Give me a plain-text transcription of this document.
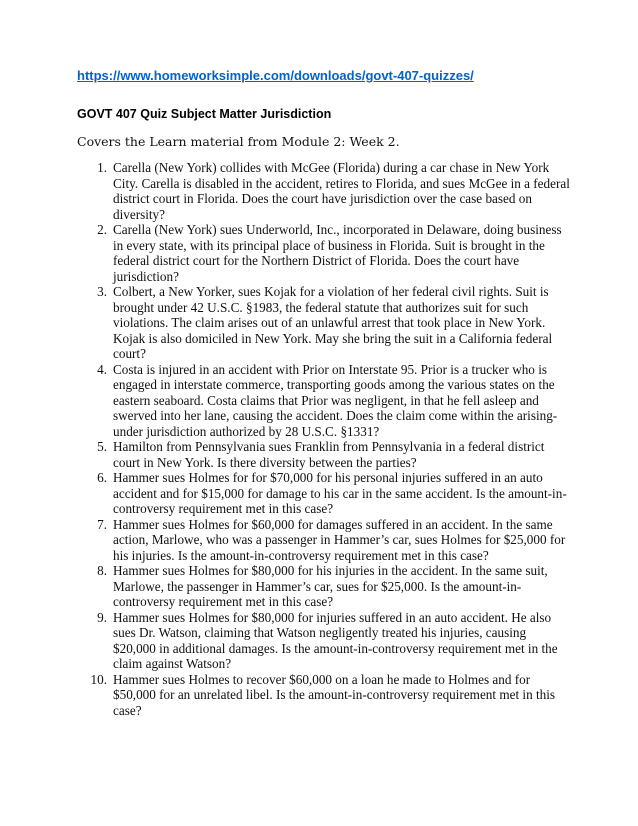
https://www.homeworksimple.com/downloads/govt-407-quizzes/
GOVT 407 Quiz Subject Matter Jurisdiction
Covers the Learn material from Module 2: Week 2.
1. Carella (New York) collides with McGee (Florida) during a car chase in New York City. Carella is disabled in the accident, retires to Florida, and sues McGee in a federal district court in Florida. Does the court have jurisdiction over the case based on diversity?
2. Carella (New York) sues Underworld, Inc., incorporated in Delaware, doing business in every state, with its principal place of business in Florida. Suit is brought in the federal district court for the Northern District of Florida. Does the court have jurisdiction?
3. Colbert, a New Yorker, sues Kojak for a violation of her federal civil rights. Suit is brought under 42 U.S.C. §1983, the federal statute that authorizes suit for such violations. The claim arises out of an unlawful arrest that took place in New York. Kojak is also domiciled in New York. May she bring the suit in a California federal court?
4. Costa is injured in an accident with Prior on Interstate 95. Prior is a trucker who is engaged in interstate commerce, transporting goods among the various states on the eastern seaboard. Costa claims that Prior was negligent, in that he fell asleep and swerved into her lane, causing the accident. Does the claim come within the arising-under jurisdiction authorized by 28 U.S.C. §1331?
5. Hamilton from Pennsylvania sues Franklin from Pennsylvania in a federal district court in New York. Is there diversity between the parties?
6. Hammer sues Holmes for for $70,000 for his personal injuries suffered in an auto accident and for $15,000 for damage to his car in the same accident. Is the amount-in- controversy requirement met in this case?
7. Hammer sues Holmes for $60,000 for damages suffered in an accident. In the same action, Marlowe, who was a passenger in Hammer’s car, sues Holmes for $25,000 for his injuries. Is the amount-in-controversy requirement met in this case?
8. Hammer sues Holmes for $80,000 for his injuries in the accident. In the same suit, Marlowe, the passenger in Hammer’s car, sues for $25,000. Is the amount-in-controversy requirement met in this case?
9. Hammer sues Holmes for $80,000 for injuries suffered in an auto accident. He also sues Dr. Watson, claiming that Watson negligently treated his injuries, causing $20,000 in additional damages. Is the amount-in-controversy requirement met in the claim against Watson?
10. Hammer sues Holmes to recover $60,000 on a loan he made to Holmes and for $50,000 for an unrelated libel. Is the amount-in-controversy requirement met in this case?
